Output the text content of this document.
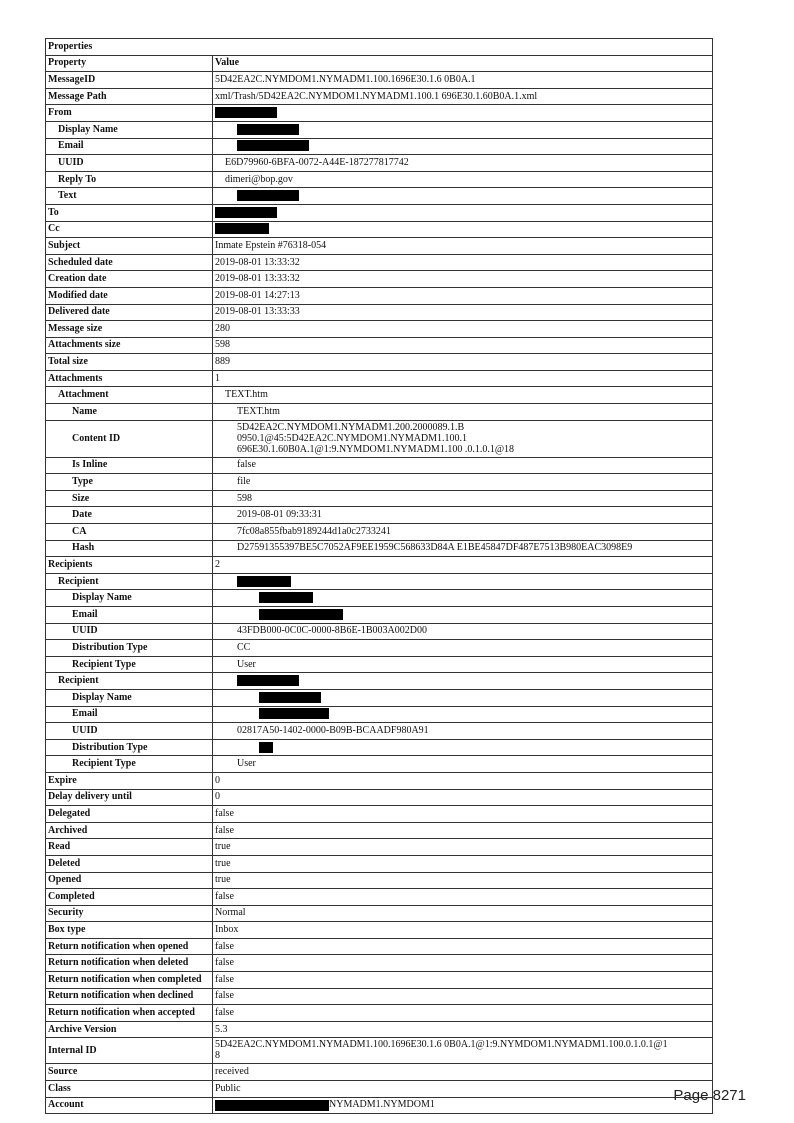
Properties	
Property	Value
MessageID	5D42EA2C.NYMDOM1.NYMADM1.100.1696E30.1.6 0B0A.1
Message Path	xml/Trash/5D42EA2C.NYMDOM1.NYMADM1.100.1 696E30.1.60B0A.1.xml
From	
Display Name	
Email	
UUID	E6D79960-6BFA-0072-A44E-187277817742
Reply To	dimeri@bop.gov
Text	
To	
Cc	
Subject	Inmate Epstein #76318-054
Scheduled date	2019-08-01 13:33:32
Creation date	2019-08-01 13:33:32
Modified date	2019-08-01 14:27:13
Delivered date	2019-08-01 13:33:33
Message size	280
Attachments size	598
Total size	889
Attachments	1
Attachment	TEXT.htm
Name	TEXT.htm
Content ID	5D42EA2C.NYMDOM1.NYMADM1.200.2000089.1.B
0950.1@45:5D42EA2C.NYMDOM1.NYMADM1.100.1
696E30.1.60B0A.1@1:9.NYMDOM1.NYMADM1.100 .0.1.0.1@18
Is Inline	false
Type	file
Size	598
Date	2019-08-01 09:33:31
CA	7fc08a855fbab9189244d1a0c2733241
Hash	D27591355397BE5C7052AF9EE1959C568633D84A E1BE45847DF487E7513B980EAC3098E9
Recipients	2
Recipient	
Display Name	
Email	
UUID	43FDB000-0C0C-0000-8B6E-1B003A002D00
Distribution Type	CC
Recipient Type	User
Recipient	
Display Name	
Email	
UUID	02817A50-1402-0000-B09B-BCAADF980A91
Distribution Type	
Recipient Type	User
Expire	0
Delay delivery until	0
Delegated	false
Archived	false
Read	true
Deleted	true
Opened	true
Completed	false
Security	Normal
Box type	Inbox
Return notification when opened	false
Return notification when deleted	false
Return notification when completed	false
Return notification when declined	false
Return notification when accepted	false
Archive Version	5.3
Internal ID	5D42EA2C.NYMDOM1.NYMADM1.100.1696E30.1.6 0B0A.1@1:9.NYMDOM1.NYMADM1.100.0.1.0.1@1
8
Source	received
Class	Public
Account	NYMADM1.NYMDOM1
Page 8271
